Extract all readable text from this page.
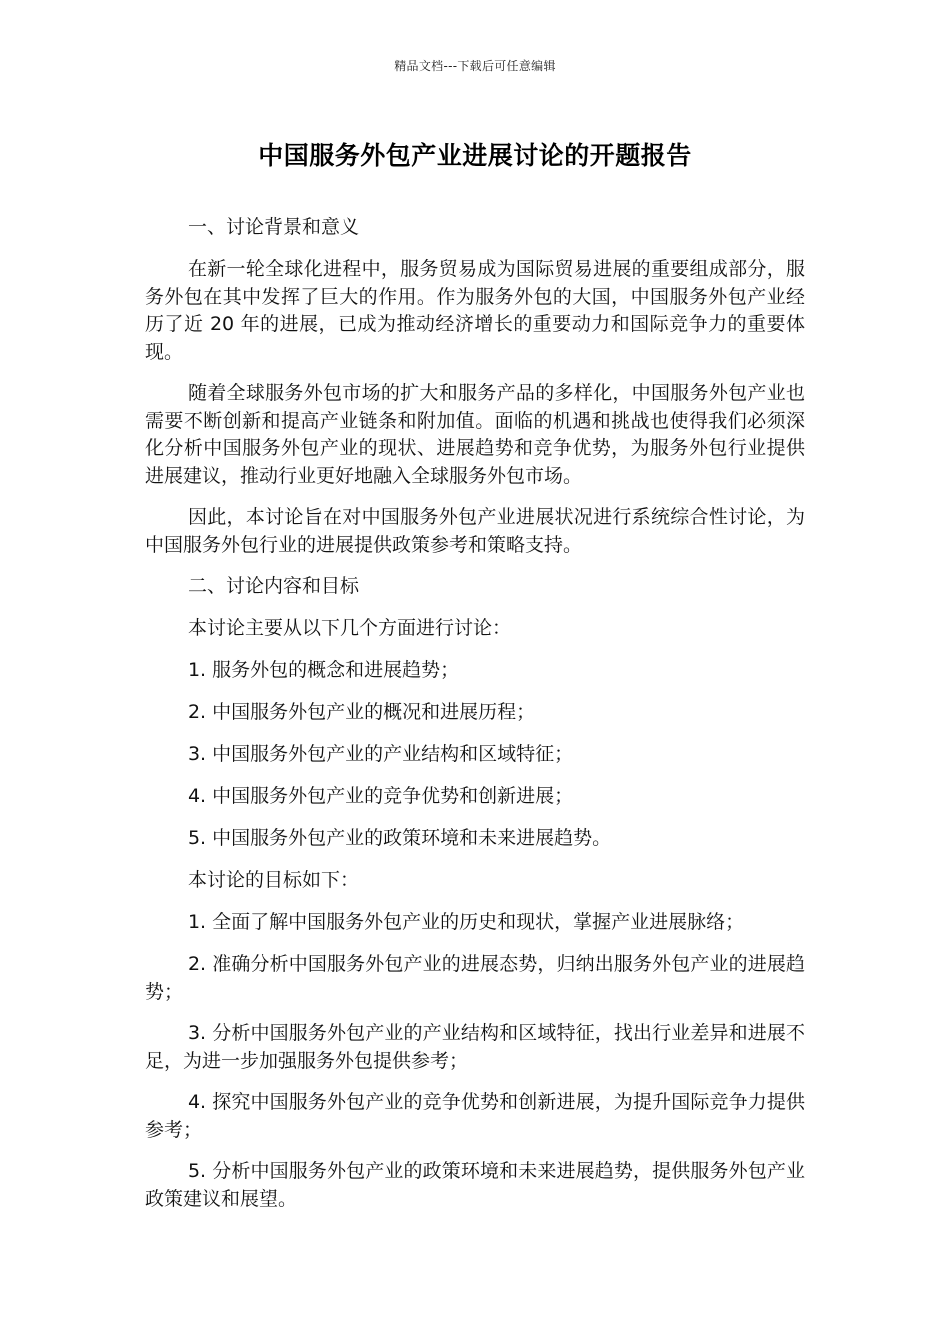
精品文档---下载后可任意编辑
中国服务外包产业进展讨论的开题报告

一、讨论背景和意义

在新一轮全球化进程中，服务贸易成为国际贸易进展的重要组成部分，服务外包在其中发挥了巨大的作用。作为服务外包的大国，中国服务外包产业经历了近 20 年的进展，已成为推动经济增长的重要动力和国际竞争力的重要体现。

随着全球服务外包市场的扩大和服务产品的多样化，中国服务外包产业也需要不断创新和提高产业链条和附加值。面临的机遇和挑战也使得我们必须深化分析中国服务外包产业的现状、进展趋势和竞争优势，为服务外包行业提供进展建议，推动行业更好地融入全球服务外包市场。

因此，本讨论旨在对中国服务外包产业进展状况进行系统综合性讨论，为中国服务外包行业的进展提供政策参考和策略支持。

二、讨论内容和目标

本讨论主要从以下几个方面进行讨论：

1. 服务外包的概念和进展趋势；

2. 中国服务外包产业的概况和进展历程；

3. 中国服务外包产业的产业结构和区域特征；

4. 中国服务外包产业的竞争优势和创新进展；

5. 中国服务外包产业的政策环境和未来进展趋势。

本讨论的目标如下：

1. 全面了解中国服务外包产业的历史和现状，掌握产业进展脉络；

2. 准确分析中国服务外包产业的进展态势，归纳出服务外包产业的进展趋势；

3. 分析中国服务外包产业的产业结构和区域特征，找出行业差异和进展不足，为进一步加强服务外包提供参考；

4. 探究中国服务外包产业的竞争优势和创新进展，为提升国际竞争力提供参考；

5. 分析中国服务外包产业的政策环境和未来进展趋势，提供服务外包产业政策建议和展望。
